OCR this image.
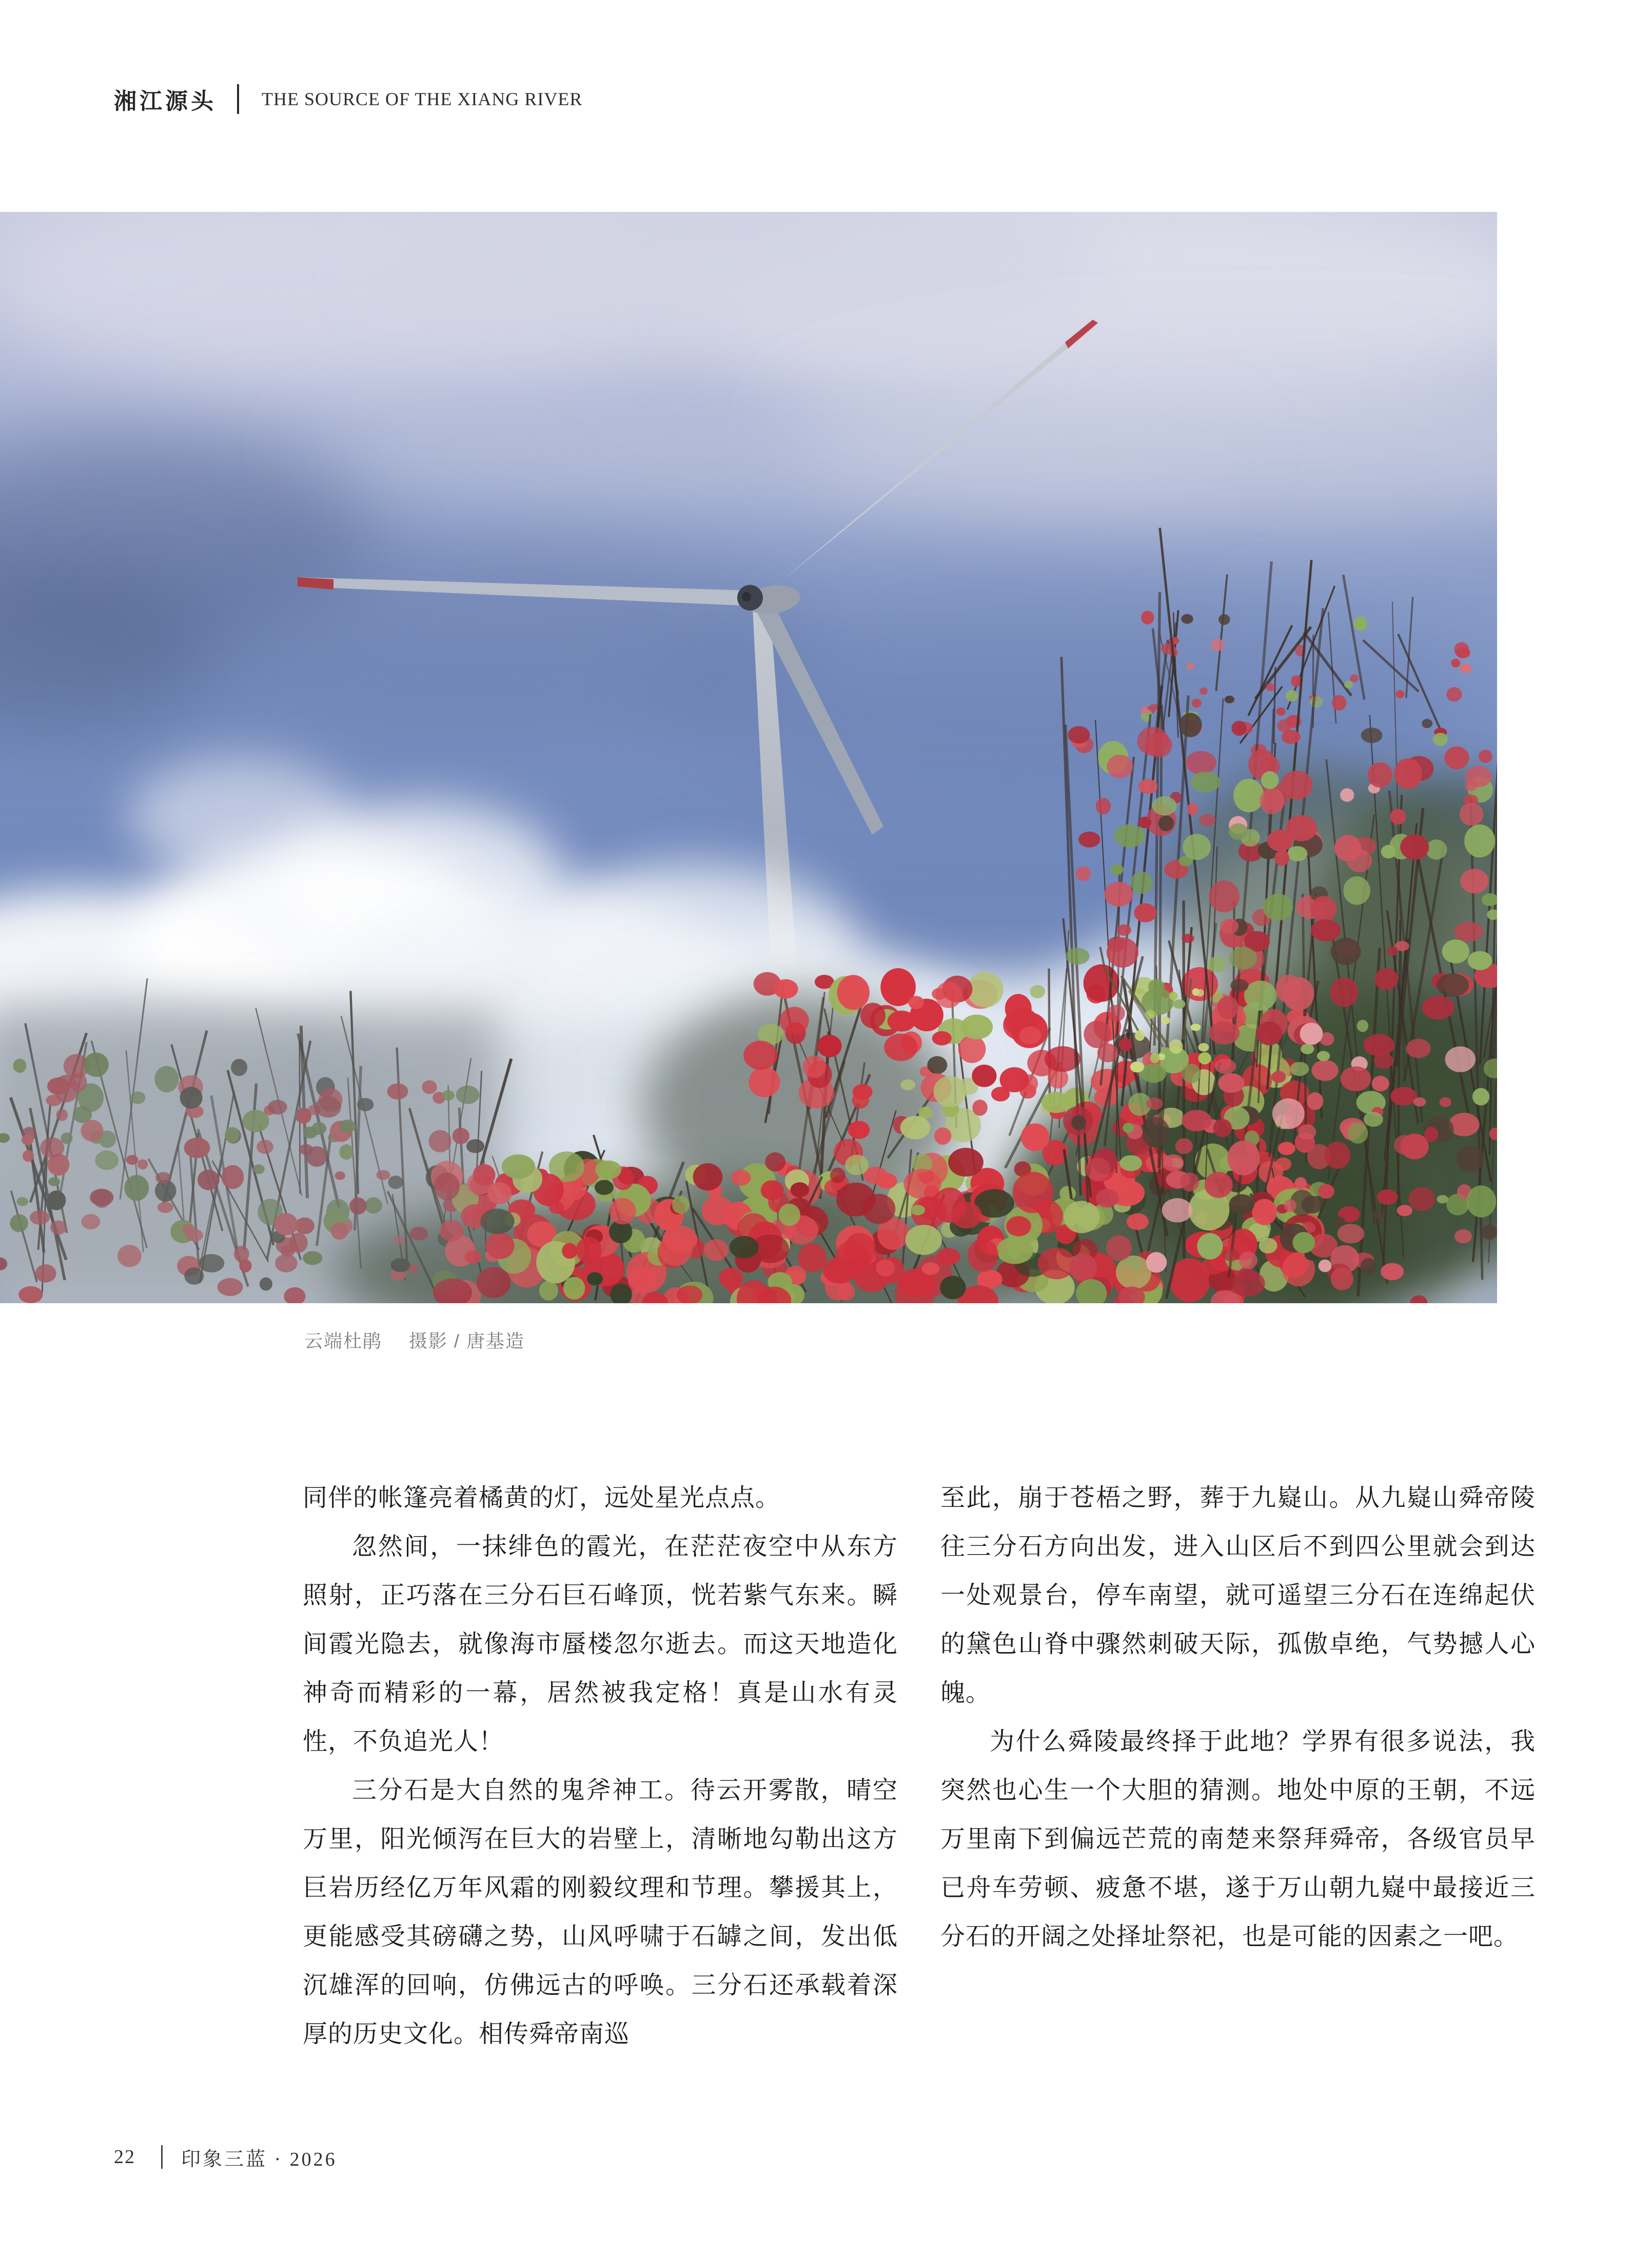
湘江源头 THE SOURCE OF THE XIANG RIVER
云端杜鹃 摄影 / 唐基造

同伴的帐篷亮着橘黄的灯，远处星光点点。

忽然间，一抹绯色的霞光，在茫茫夜空中从东方照射，正巧落在三分石巨石峰顶，恍若紫气东来。瞬间霞光隐去，就像海市蜃楼忽尔逝去。而这天地造化神奇而精彩的一幕，居然被我定格！真是山水有灵性，不负追光人！

三分石是大自然的鬼斧神工。待云开雾散，晴空万里，阳光倾泻在巨大的岩壁上，清晰地勾勒出这方巨岩历经亿万年风霜的刚毅纹理和节理。攀援其上，更能感受其磅礴之势，山风呼啸于石罅之间，发出低沉雄浑的回响，仿佛远古的呼唤。三分石还承载着深厚的历史文化。相传舜帝南巡

至此，崩于苍梧之野，葬于九嶷山。从九嶷山舜帝陵往三分石方向出发，进入山区后不到四公里就会到达一处观景台，停车南望，就可遥望三分石在连绵起伏的黛色山脊中骤然刺破天际，孤傲卓绝，气势撼人心魄。

为什么舜陵最终择于此地？学界有很多说法，我突然也心生一个大胆的猜测。地处中原的王朝，不远万里南下到偏远芒荒的南楚来祭拜舜帝，各级官员早已舟车劳顿、疲惫不堪，遂于万山朝九嶷中最接近三分石的开阔之处择址祭祀，也是可能的因素之一吧。

22 印象三蓝 · 2026
